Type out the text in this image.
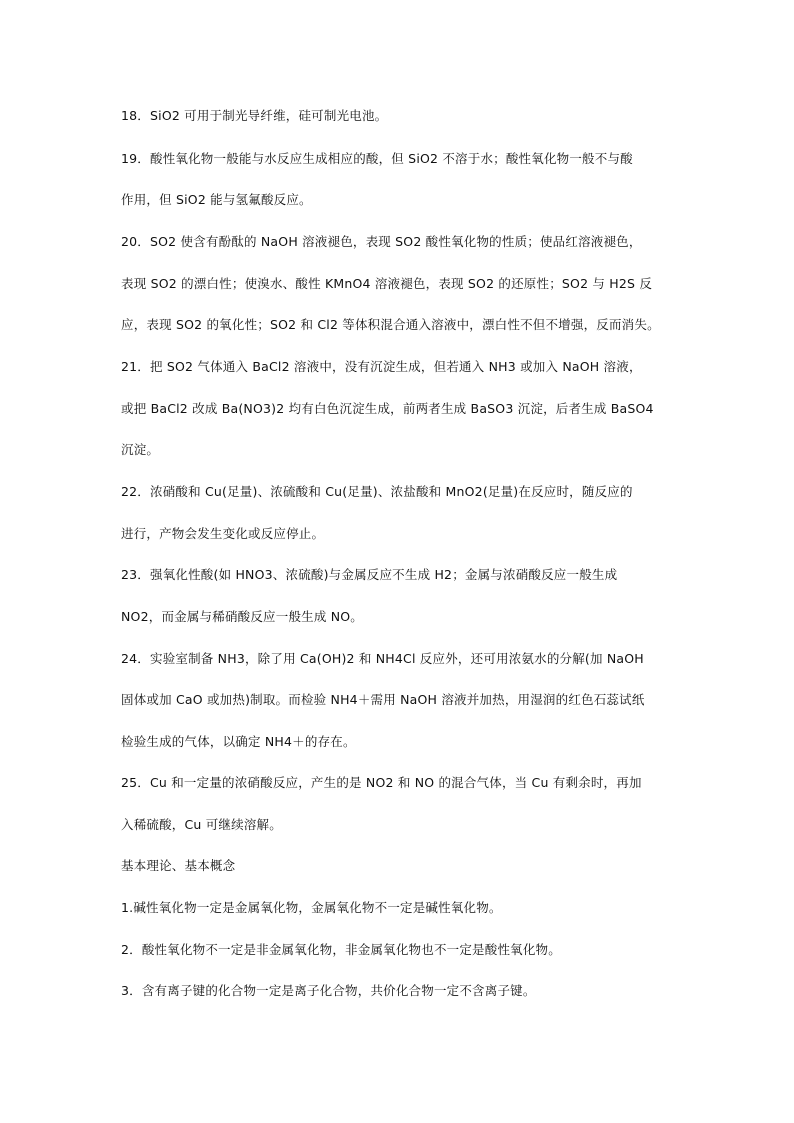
18．SiO2 可用于制光导纤维，硅可制光电池。
19．酸性氧化物一般能与水反应生成相应的酸，但 SiO2 不溶于水；酸性氧化物一般不与酸
作用，但 SiO2 能与氢氟酸反应。
20．SO2 使含有酚酞的 NaOH 溶液褪色，表现 SO2 酸性氧化物的性质；使品红溶液褪色，
表现 SO2 的漂白性；使溴水、酸性 KMnO4 溶液褪色，表现 SO2 的还原性；SO2 与 H2S 反
应，表现 SO2 的氧化性；SO2 和 Cl2 等体积混合通入溶液中，漂白性不但不增强，反而消失。
21．把 SO2 气体通入 BaCl2 溶液中，没有沉淀生成，但若通入 NH3 或加入 NaOH 溶液，
或把 BaCl2 改成 Ba(NO3)2 均有白色沉淀生成，前两者生成 BaSO3 沉淀，后者生成 BaSO4
沉淀。
22．浓硝酸和 Cu(足量)、浓硫酸和 Cu(足量)、浓盐酸和 MnO2(足量)在反应时，随反应的
进行，产物会发生变化或反应停止。
23．强氧化性酸(如 HNO3、浓硫酸)与金属反应不生成 H2；金属与浓硝酸反应一般生成
NO2，而金属与稀硝酸反应一般生成 NO。
24．实验室制备 NH3，除了用 Ca(OH)2 和 NH4Cl 反应外，还可用浓氨水的分解(加 NaOH
固体或加 CaO 或加热)制取。而检验 NH4＋需用 NaOH 溶液并加热，用湿润的红色石蕊试纸
检验生成的气体，以确定 NH4＋的存在。
25．Cu 和一定量的浓硝酸反应，产生的是 NO2 和 NO 的混合气体，当 Cu 有剩余时，再加
入稀硫酸，Cu 可继续溶解。
基本理论、基本概念
1.碱性氧化物一定是金属氧化物，金属氧化物不一定是碱性氧化物。
2．酸性氧化物不一定是非金属氧化物，非金属氧化物也不一定是酸性氧化物。
3．含有离子键的化合物一定是离子化合物，共价化合物一定不含离子键。
